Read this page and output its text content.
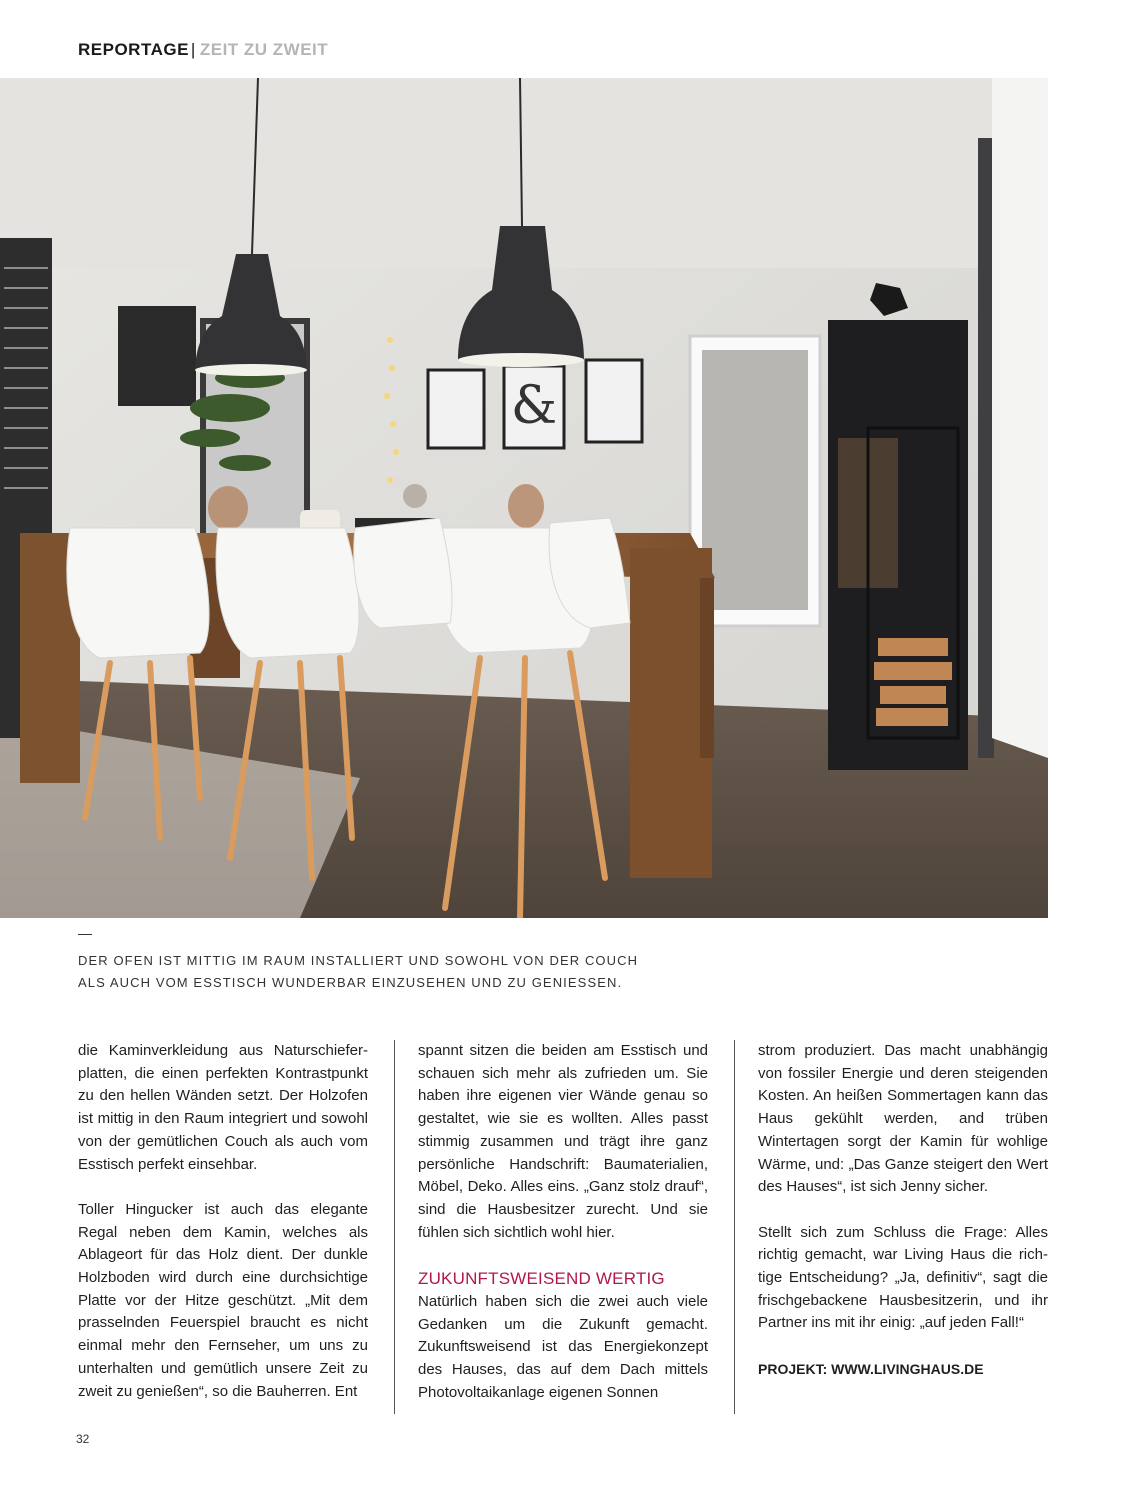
REPORTAGE | ZEIT ZU ZWEIT
&
DER OFEN IST MITTIG IM RAUM INSTALLIERT UND SOWOHL VON DER COUCH
ALS AUCH VOM ESSTISCH WUNDERBAR EINZUSEHEN UND ZU GENIESSEN.

die Kaminverkleidung aus Naturschieferplatten, die einen perfekten Kontrastpunkt zu den hellen Wänden setzt. Der Holzofen ist mittig in den Raum integriert und sowohl von der gemütlichen Couch als auch vom Esstisch perfekt einsehbar.

Toller Hingucker ist auch das elegante Regal neben dem Kamin, welches als Ablageort für das Holz dient. Der dunkle Holzboden wird durch eine durchsichtige Platte vor der Hitze geschützt. „Mit dem prasselnden Feuerspiel braucht es nicht einmal mehr den Fernseher, um uns zu unterhalten und gemütlich unsere Zeit zu zweit zu genießen“, so die Bauherren. Ent

spannt sitzen die beiden am Esstisch und schauen sich mehr als zufrieden um. Sie haben ihre eigenen vier Wände genau so gestaltet, wie sie es wollten. Alles passt stimmig zusammen und trägt ihre ganz persönliche Handschrift: Baumaterialien, Möbel, Deko. Alles eins. „Ganz stolz drauf“, sind die Hausbesitzer zurecht. Und sie fühlen sich sichtlich wohl hier.

ZUKUNFTSWEISEND WERTIG

Natürlich haben sich die zwei auch viele Gedanken um die Zukunft gemacht. Zukunftsweisend ist das Energiekonzept des Hauses, das auf dem Dach mittels Photovoltaikanlage eigenen Sonnen

strom produziert. Das macht unabhängig von fossiler Energie und deren steigenden Kosten. An heißen Sommertagen kann das Haus gekühlt werden, and trüben Wintertagen sorgt der Kamin für wohlige Wärme, und: „Das Ganze steigert den Wert des Hauses“, ist sich Jenny sicher.

Stellt sich zum Schluss die Frage: Alles richtig gemacht, war Living Haus die richtige Entscheidung? „Ja, definitiv“, sagt die frischgebackene Hausbesitzerin, und ihr Partner ins mit ihr einig: „auf jeden Fall!“

PROJEKT: WWW.LIVINGHAUS.DE
32
